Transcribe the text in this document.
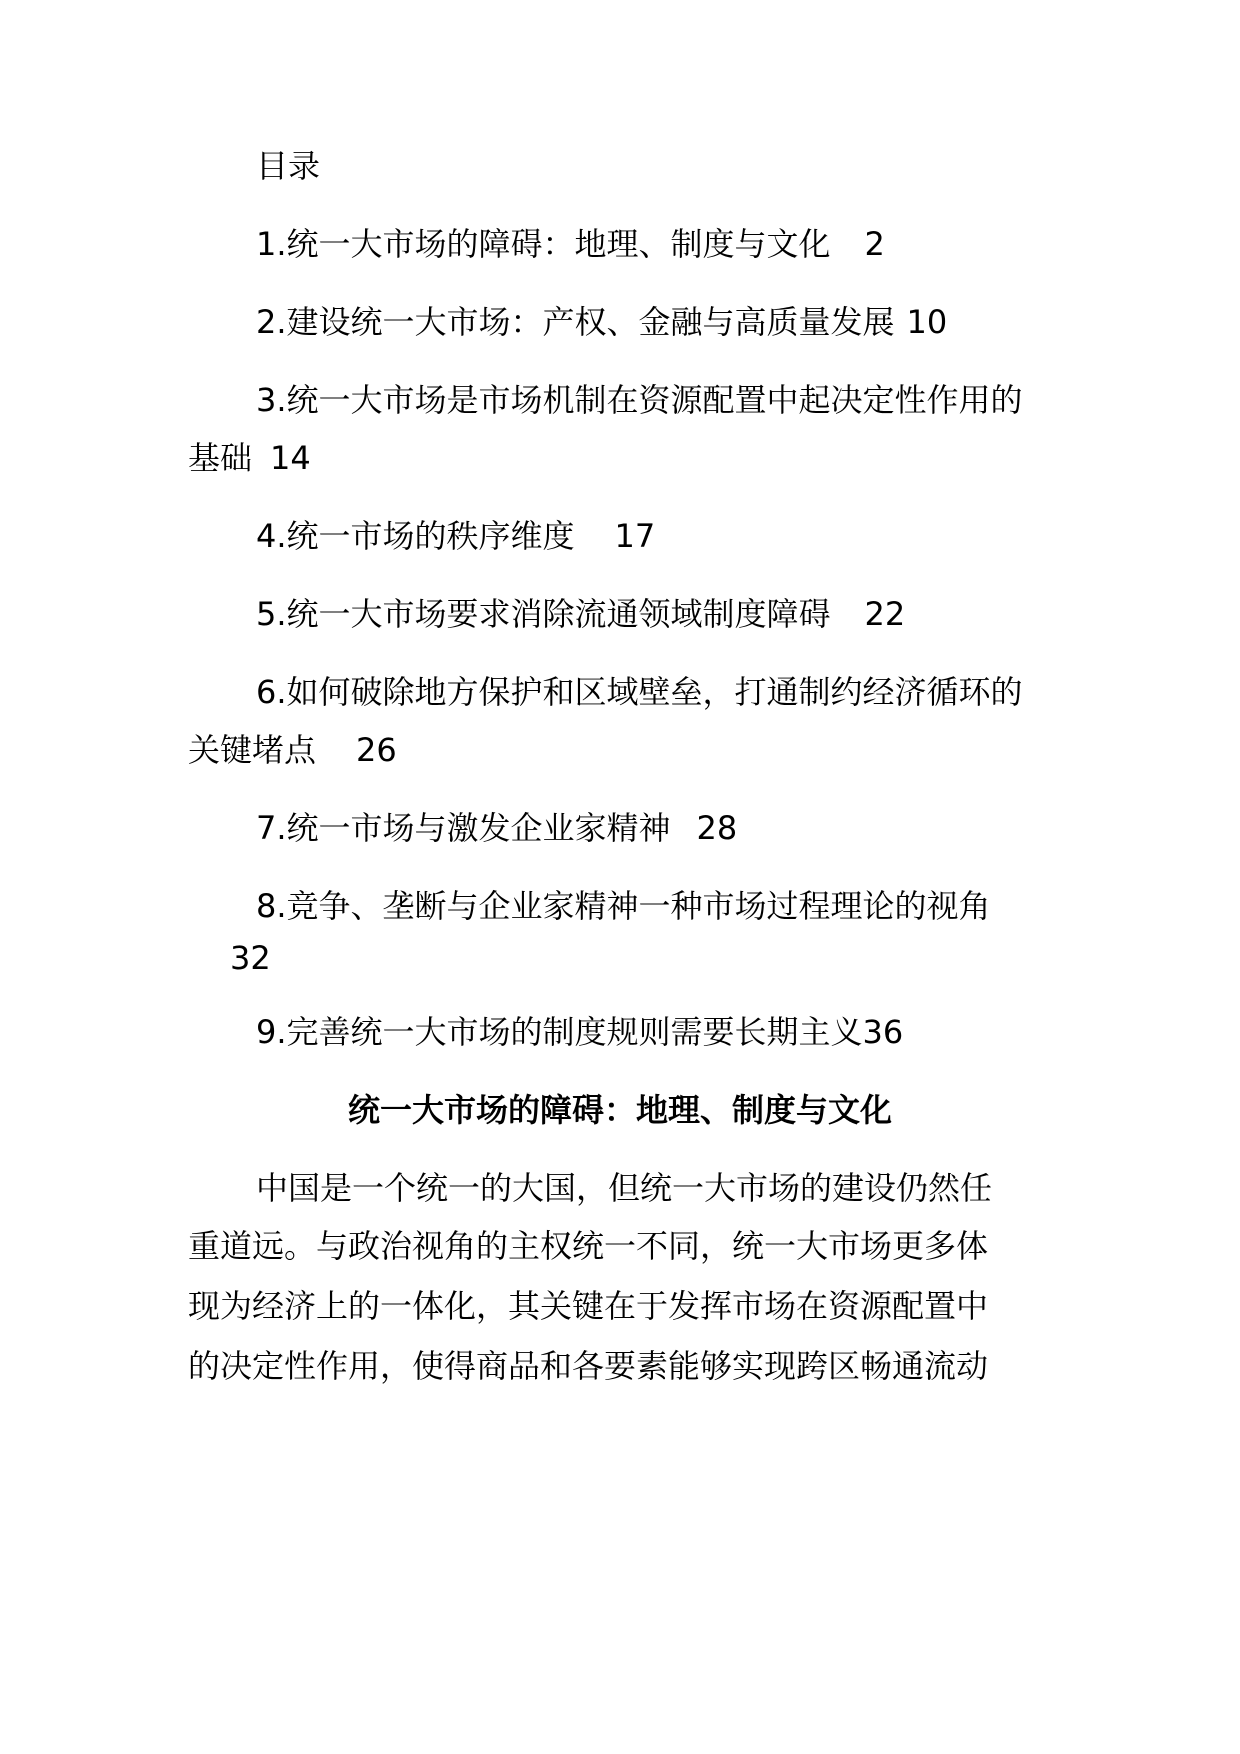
目录
1.统一大市场的障碍：地理、制度与文化 2
2.建设统一大市场：产权、金融与高质量发展 10
3.统一大市场是市场机制在资源配置中起决定性作用的
基础 14
4.统一市场的秩序维度 17
5.统一大市场要求消除流通领域制度障碍 22
6.如何破除地方保护和区域壁垒，打通制约经济循环的
关键堵点 26
7.统一市场与激发企业家精神 28
8.竞争、垄断与企业家精神一种市场过程理论的视角
32
9.完善统一大市场的制度规则需要长期主义36
统一大市场的障碍：地理、制度与文化
中国是一个统一的大国，但统一大市场的建设仍然任
重道远。与政治视角的主权统一不同，统一大市场更多体
现为经济上的一体化，其关键在于发挥市场在资源配置中
的决定性作用，使得商品和各要素能够实现跨区畅通流动
